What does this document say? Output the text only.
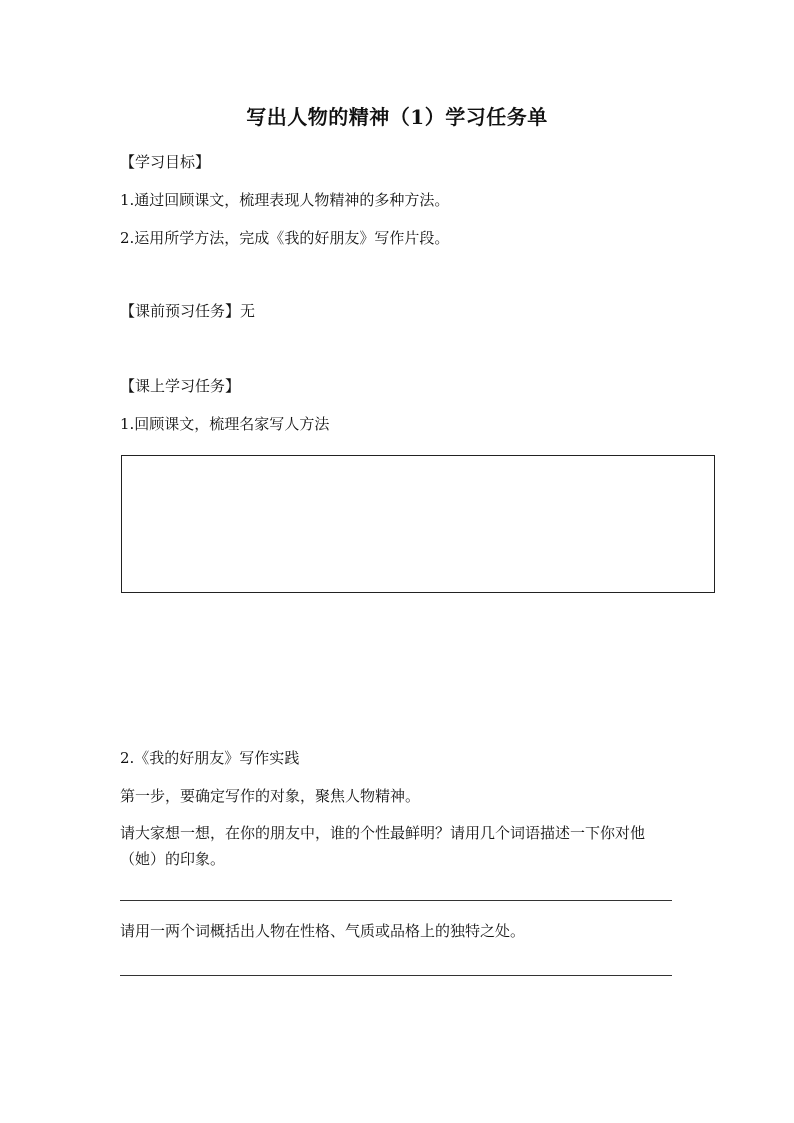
写出人物的精神（1）学习任务单
【学习目标】
1.通过回顾课文，梳理表现人物精神的多种方法。
2.运用所学方法，完成《我的好朋友》写作片段。
【课前预习任务】无
【课上学习任务】
1.回顾课文，梳理名家写人方法
2.《我的好朋友》写作实践
第一步，要确定写作的对象，聚焦人物精神。
请大家想一想，在你的朋友中，谁的个性最鲜明？请用几个词语描述一下你对他（她）的印象。
请用一两个词概括出人物在性格、气质或品格上的独特之处。
